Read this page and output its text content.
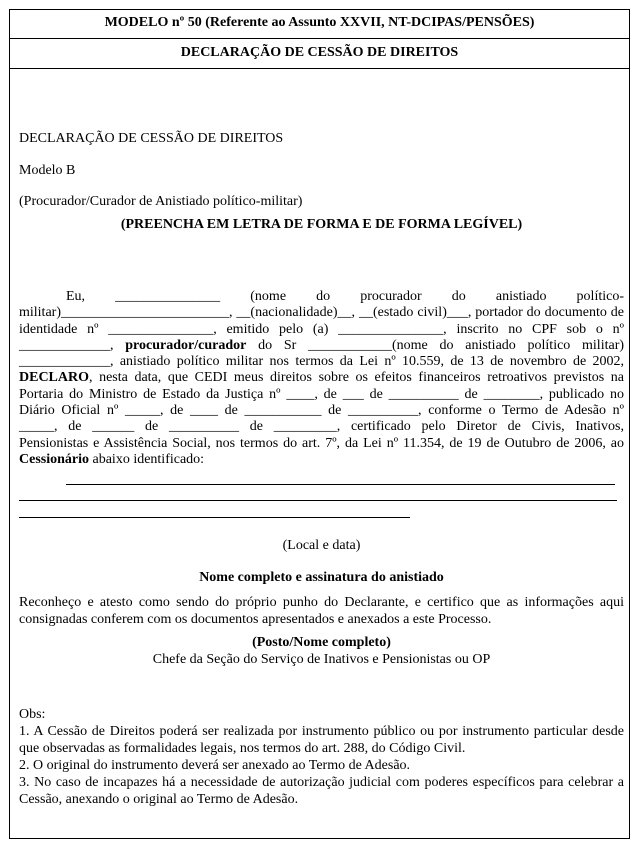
MODELO nº 50 (Referente ao Assunto XXVII, NT-DCIPAS/PENSÕES)
DECLARAÇÃO DE CESSÃO DE DIREITOS
DECLARAÇÃO DE CESSÃO DE DIREITOS
Modelo B
(Procurador/Curador de Anistiado político-militar)
(PREENCHA EM LETRA DE FORMA E DE FORMA LEGÍVEL)
Eu, _______________ (nome do procurador do anistiado político-
militar)________________________, __(nacionalidade)__, __(estado civil)___, portador do documento de
identidade nº _______________, emitido pelo (a) _______________, inscrito no CPF sob o nº
_____________, procurador/curador do Sr ____________(nome do anistiado político militar)
_____________, anistiado político militar nos termos da Lei nº 10.559, de 13 de novembro de 2002,
DECLARO, nesta data, que CEDI meus direitos sobre os efeitos financeiros retroativos previstos na
Portaria do Ministro de Estado da Justiça nº ____, de ___ de __________ de ________, publicado no
Diário Oficial nº _____, de ____ de ___________ de __________, conforme o Termo de Adesão nº
_____, de ______ de __________ de _________, certificado pelo Diretor de Civis, Inativos,
Pensionistas e Assistência Social, nos termos do art. 7º, da Lei nº 11.354, de 19 de Outubro de 2006, ao
Cessionário abaixo identificado:
(Local e data)
Nome completo e assinatura do anistiado
Reconheço e atesto como sendo do próprio punho do Declarante, e certifico que as informações aqui
consignadas conferem com os documentos apresentados e anexados a este Processo.
(Posto/Nome completo)
Chefe da Seção do Serviço de Inativos e Pensionistas ou OP
Obs:

1. A Cessão de Direitos poderá ser realizada por instrumento público ou por instrumento particular desde que observadas as formalidades legais, nos termos do art. 288, do Código Civil.

2. O original do instrumento deverá ser anexado ao Termo de Adesão.

3. No caso de incapazes há a necessidade de autorização judicial com poderes específicos para celebrar a Cessão, anexando o original ao Termo de Adesão.
